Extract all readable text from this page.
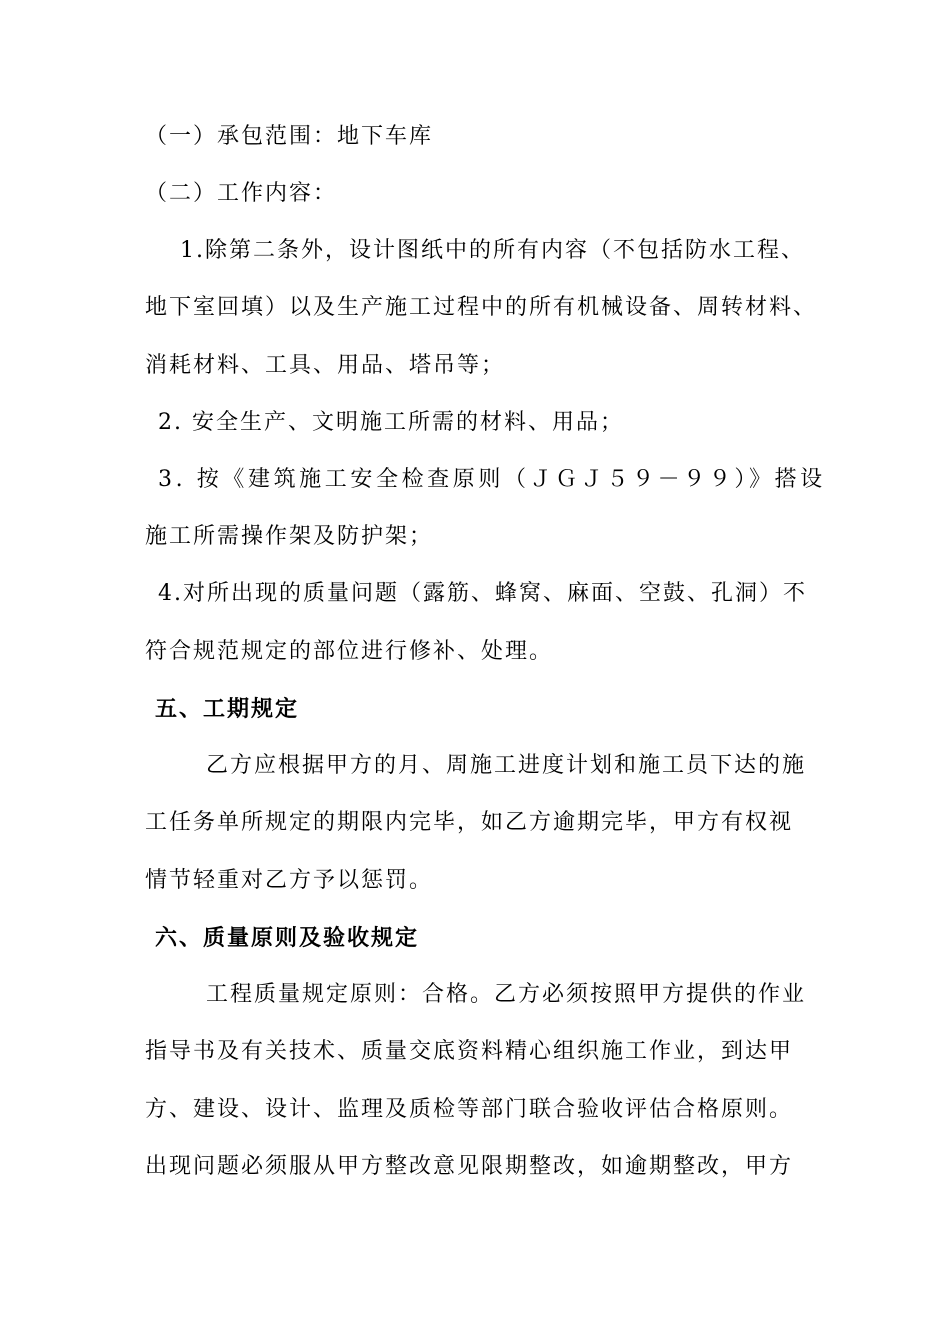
（一）承包范围：地下车库
（二）工作内容：
1.除第二条外，设计图纸中的所有内容（不包括防水工程、
地下室回填）以及生产施工过程中的所有机械设备、周转材料、
消耗材料、工具、用品、塔吊等；
2. 安全生产、文明施工所需的材料、用品；
3. 按《建筑施工安全检查原则（ＪＧＪ５９－９９）》搭设
施工所需操作架及防护架；
4.对所出现的质量问题（露筋、蜂窝、麻面、空鼓、孔洞）不
符合规范规定的部位进行修补、处理。
五、工期规定
乙方应根据甲方的月、周施工进度计划和施工员下达的施
工任务单所规定的期限内完毕，如乙方逾期完毕，甲方有权视
情节轻重对乙方予以惩罚。
六、质量原则及验收规定
工程质量规定原则：合格。乙方必须按照甲方提供的作业
指导书及有关技术、质量交底资料精心组织施工作业，到达甲
方、建设、设计、监理及质检等部门联合验收评估合格原则。
出现问题必须服从甲方整改意见限期整改，如逾期整改，甲方
